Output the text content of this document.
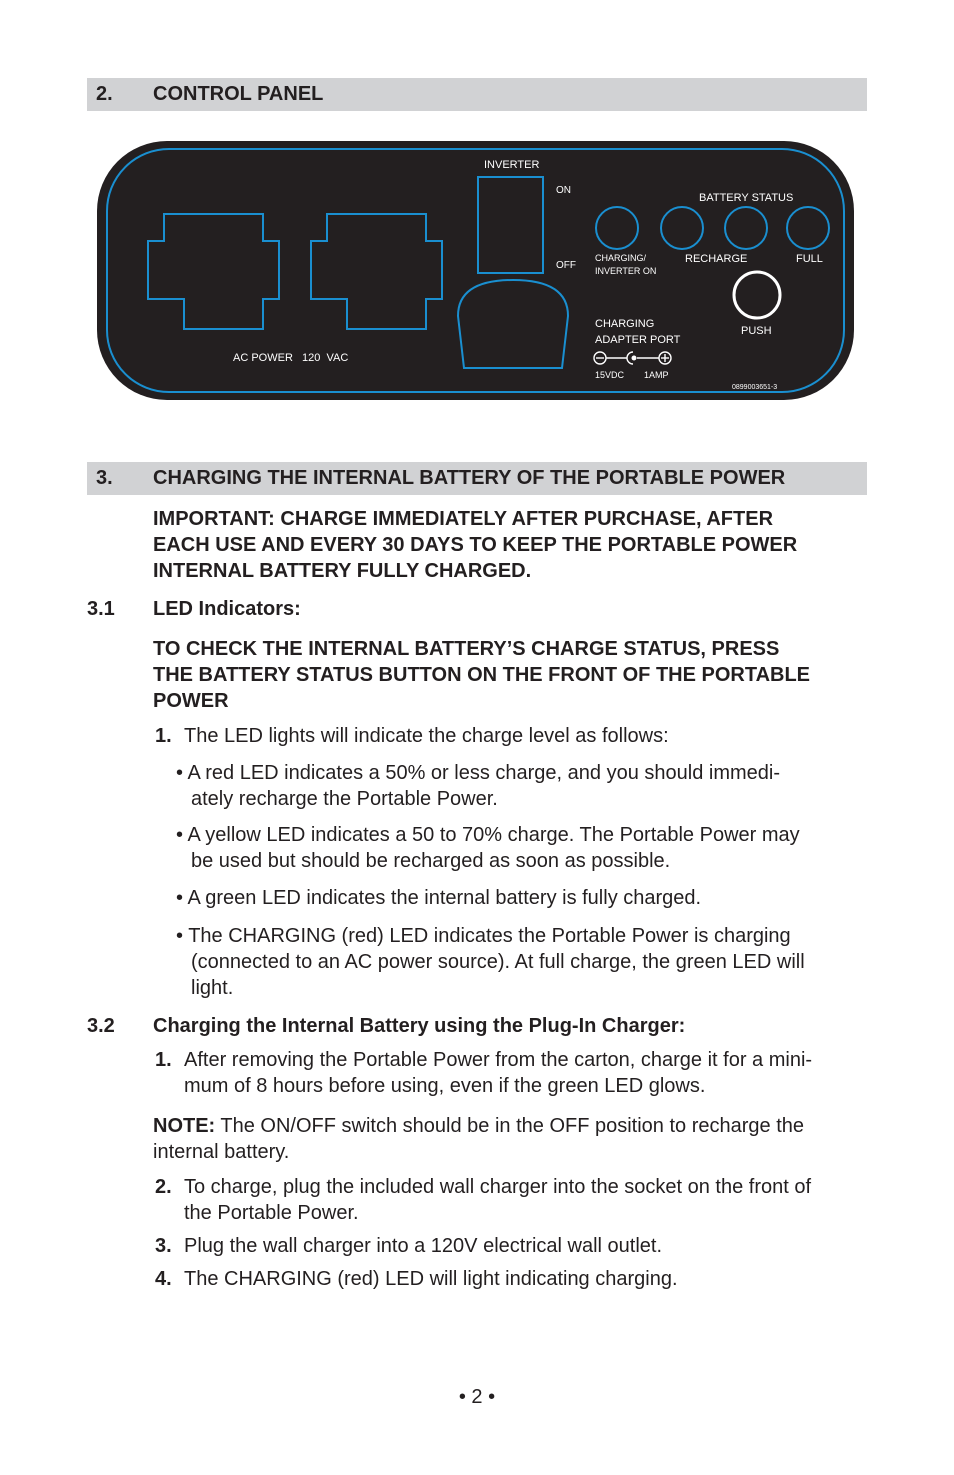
2. CONTROL PANEL
AC POWER   120  VAC
INVERTER
ON
OFF
BATTERY STATUS
CHARGING/
INVERTER ON
RECHARGE	FULL
PUSH
CHARGING
ADAPTER PORT
15VDC 1AMP
0899003651-3
3. CHARGING THE INTERNAL BATTERY OF THE PORTABLE POWER
IMPORTANT: CHARGE IMMEDIATELY AFTER PURCHASE, AFTER
EACH USE AND EVERY 30 DAYS TO KEEP THE PORTABLE POWER
INTERNAL BATTERY FULLY CHARGED.
3.1 LED Indicators:
TO CHECK THE INTERNAL BATTERY’S CHARGE STATUS, PRESS
THE BATTERY STATUS BUTTON ON THE FRONT OF THE PORTABLE
POWER
1. The LED lights will indicate the charge level as follows:
• A red LED indicates a 50% or less charge, and you should immedi-
ately recharge the Portable Power.
• A yellow LED indicates a 50 to 70% charge. The Portable Power may
be used but should be recharged as soon as possible.
• A green LED indicates the internal battery is fully charged.
• The CHARGING (red) LED indicates the Portable Power is charging
(connected to an AC power source). At full charge, the green LED will
light.
3.2 Charging the Internal Battery using the Plug-In Charger:
1. After removing the Portable Power from the carton, charge it for a mini-
mum of 8 hours before using, even if the green LED glows.
NOTE: The ON/OFF switch should be in the OFF position to recharge the
internal battery.
2. To charge, plug the included wall charger into the socket on the front of
the Portable Power.
3. Plug the wall charger into a 120V electrical wall outlet.
4. The CHARGING (red) LED will light indicating charging.
• 2 •
